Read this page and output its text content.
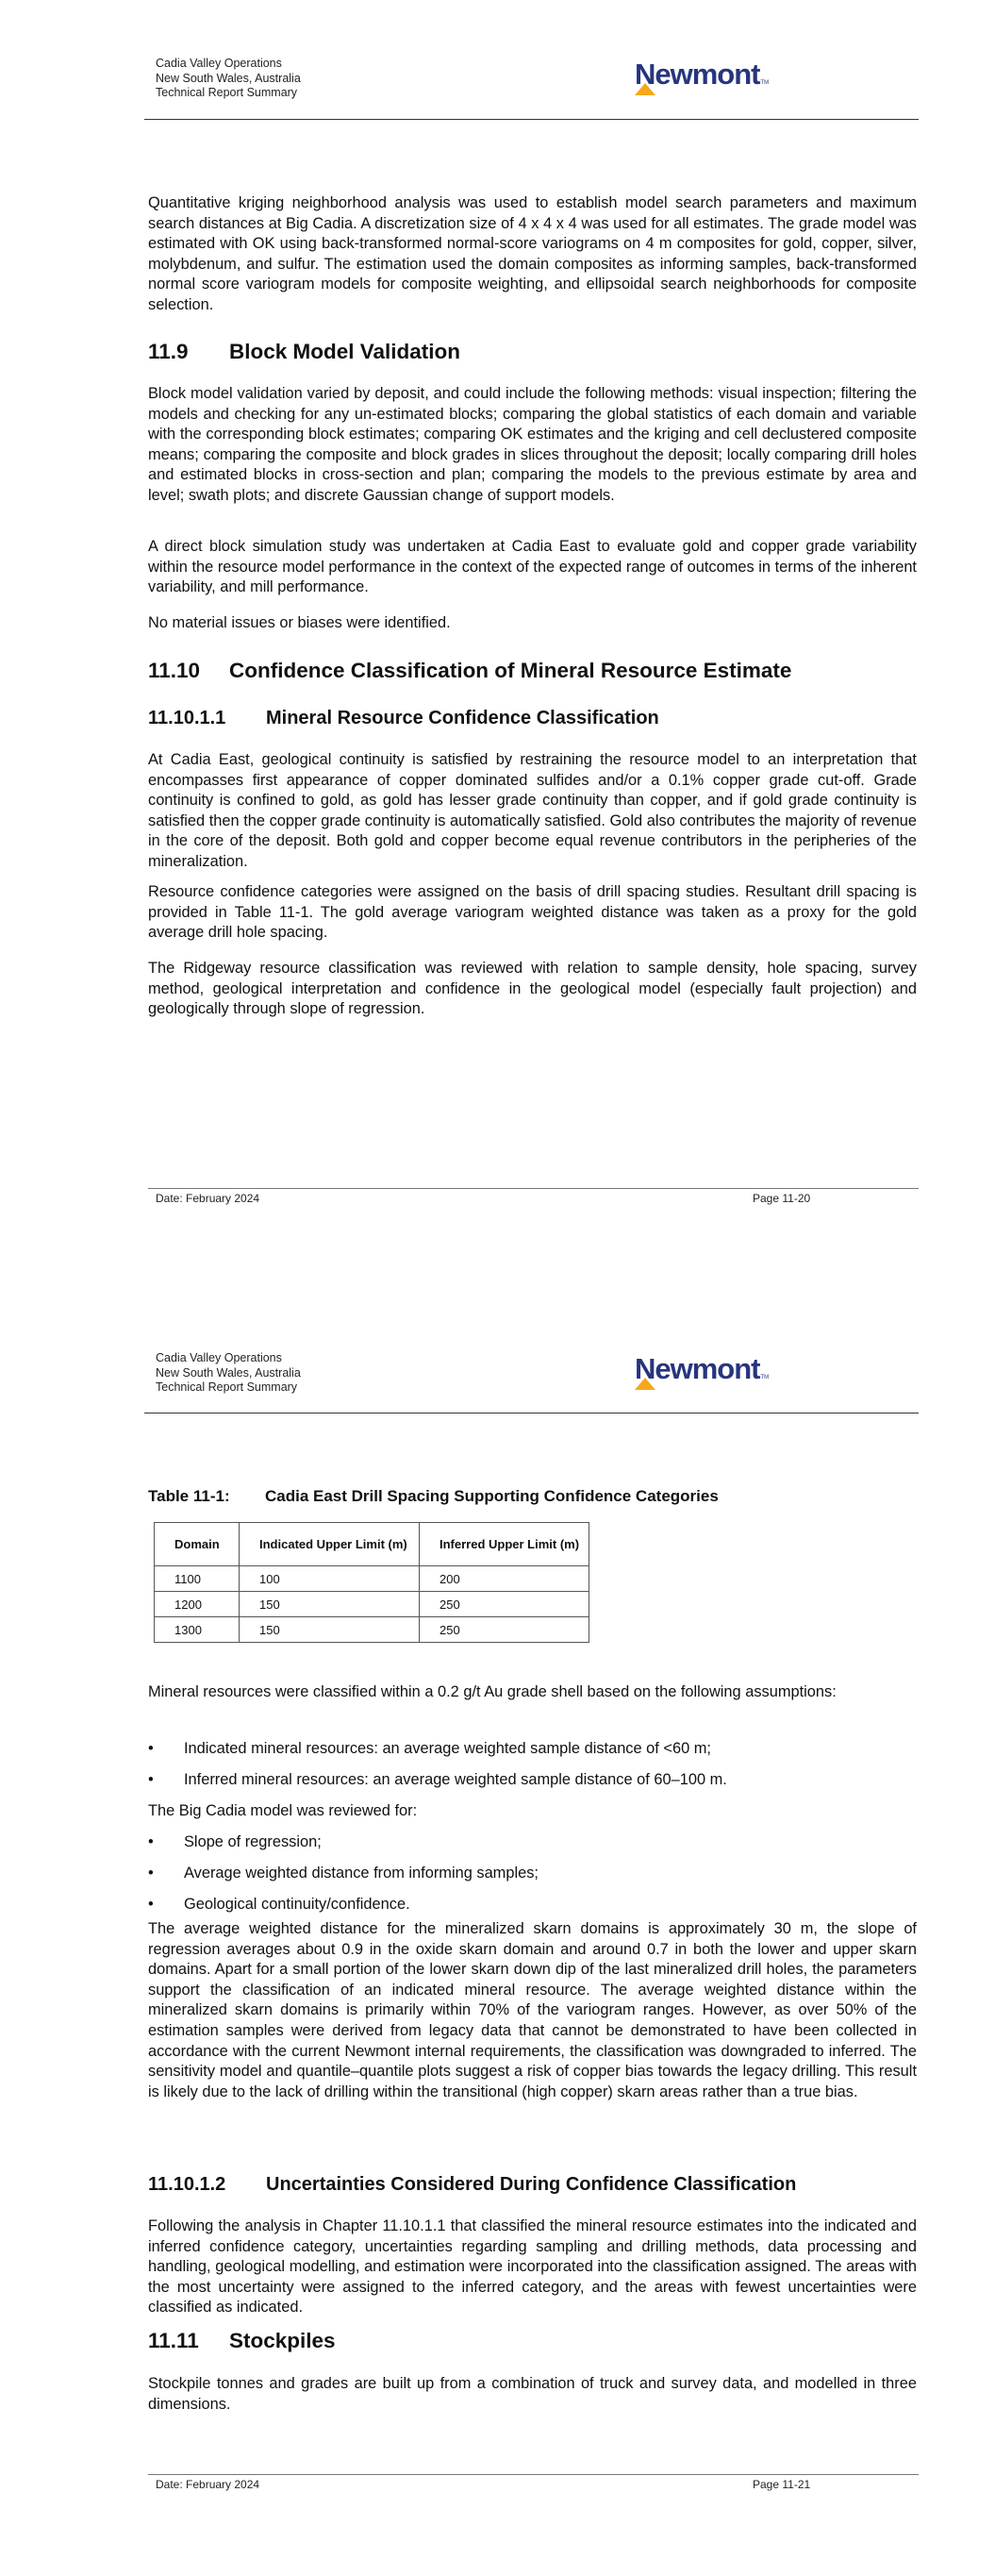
Cadia Valley Operations
New South Wales, Australia
Technical Report Summary
NewmontTM
Quantitative kriging neighborhood analysis was used to establish model search parameters and maximum search distances at Big Cadia. A discretization size of 4 x 4 x 4 was used for all estimates. The grade model was estimated with OK using back-transformed normal-score variograms on 4 m composites for gold, copper, silver, molybdenum, and sulfur. The estimation used the domain composites as informing samples, back-transformed normal score variogram models for composite weighting, and ellipsoidal search neighborhoods for composite selection.
11.9 Block Model Validation
Block model validation varied by deposit, and could include the following methods: visual inspection; filtering the models and checking for any un-estimated blocks; comparing the global statistics of each domain and variable with the corresponding block estimates; comparing OK estimates and the kriging and cell declustered composite means; comparing the composite and block grades in slices throughout the deposit; locally comparing drill holes and estimated blocks in cross-section and plan; comparing the models to the previous estimate by area and level; swath plots; and discrete Gaussian change of support models.
A direct block simulation study was undertaken at Cadia East to evaluate gold and copper grade variability within the resource model performance in the context of the expected range of outcomes in terms of the inherent variability, and mill performance.
No material issues or biases were identified.
11.10 Confidence Classification of Mineral Resource Estimate
11.10.1.1 Mineral Resource Confidence Classification
At Cadia East, geological continuity is satisfied by restraining the resource model to an interpretation that encompasses first appearance of copper dominated sulfides and/or a 0.1% copper grade cut-off. Grade continuity is confined to gold, as gold has lesser grade continuity than copper, and if gold grade continuity is satisfied then the copper grade continuity is automatically satisfied. Gold also contributes the majority of revenue in the core of the deposit. Both gold and copper become equal revenue contributors in the peripheries of the mineralization.
Resource confidence categories were assigned on the basis of drill spacing studies. Resultant drill spacing is provided in Table 11-1. The gold average variogram weighted distance was taken as a proxy for the gold average drill hole spacing.
The Ridgeway resource classification was reviewed with relation to sample density, hole spacing, survey method, geological interpretation and confidence in the geological model (especially fault projection) and geologically through slope of regression.
Date: February 2024	Page 11-20
Cadia Valley Operations
New South Wales, Australia
Technical Report Summary
NewmontTM
Table 11-1: Cadia East Drill Spacing Supporting Confidence Categories
Domain	Indicated Upper Limit (m)	Inferred Upper Limit (m)
1100	100	200
1200	150	250
1300	150	250
Mineral resources were classified within a 0.2 g/t Au grade shell based on the following assumptions:
• Indicated mineral resources: an average weighted sample distance of <60 m;
• Inferred mineral resources: an average weighted sample distance of 60–100 m.
The Big Cadia model was reviewed for:
• Slope of regression;
• Average weighted distance from informing samples;
• Geological continuity/confidence.
The average weighted distance for the mineralized skarn domains is approximately 30 m, the slope of regression averages about 0.9 in the oxide skarn domain and around 0.7 in both the lower and upper skarn domains. Apart for a small portion of the lower skarn down dip of the last mineralized drill holes, the parameters support the classification of an indicated mineral resource. The average weighted distance within the mineralized skarn domains is primarily within 70% of the variogram ranges. However, as over 50% of the estimation samples were derived from legacy data that cannot be demonstrated to have been collected in accordance with the current Newmont internal requirements, the classification was downgraded to inferred. The sensitivity model and quantile–quantile plots suggest a risk of copper bias towards the legacy drilling. This result is likely due to the lack of drilling within the transitional (high copper) skarn areas rather than a true bias.
11.10.1.2 Uncertainties Considered During Confidence Classification
Following the analysis in Chapter 11.10.1.1 that classified the mineral resource estimates into the indicated and inferred confidence category, uncertainties regarding sampling and drilling methods, data processing and handling, geological modelling, and estimation were incorporated into the classification assigned. The areas with the most uncertainty were assigned to the inferred category, and the areas with fewest uncertainties were classified as indicated.
11.11 Stockpiles
Stockpile tonnes and grades are built up from a combination of truck and survey data, and modelled in three dimensions.
Date: February 2024	Page 11-21
